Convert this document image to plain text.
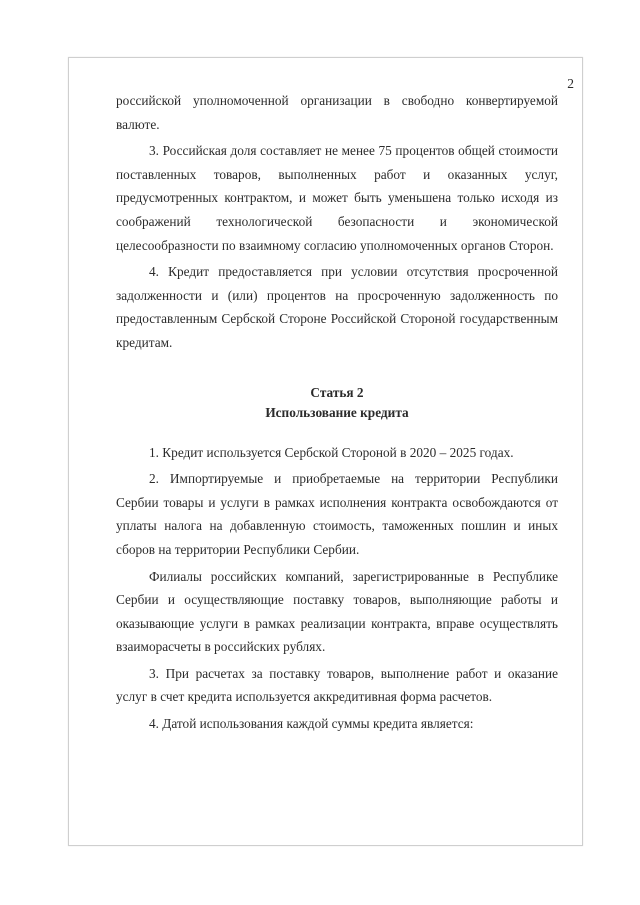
2

российской уполномоченной организации в свободно конвертируемой валюте.

3. Российская доля составляет не менее 75 процентов общей стоимости поставленных товаров, выполненных работ и оказанных услуг, предусмотренных контрактом, и может быть уменьшена только исходя из соображений технологической безопасности и экономической целесообразности по взаимному согласию уполномоченных органов Сторон.

4. Кредит предоставляется при условии отсутствия просроченной задолженности и (или) процентов на просроченную задолженность по предоставленным Сербской Стороне Российской Стороной государственным кредитам.

Статья 2

Использование кредита

1. Кредит используется Сербской Стороной в 2020 – 2025 годах.

2. Импортируемые и приобретаемые на территории Республики Сербии товары и услуги в рамках исполнения контракта освобождаются от уплаты налога на добавленную стоимость, таможенных пошлин и иных сборов на территории Республики Сербии.

Филиалы российских компаний, зарегистрированные в Республике Сербии и осуществляющие поставку товаров, выполняющие работы и оказывающие услуги в рамках реализации контракта, вправе осуществлять взаиморасчеты в российских рублях.

3. При расчетах за поставку товаров, выполнение работ и оказание услуг в счет кредита используется аккредитивная форма расчетов.

4. Датой использования каждой суммы кредита является:
